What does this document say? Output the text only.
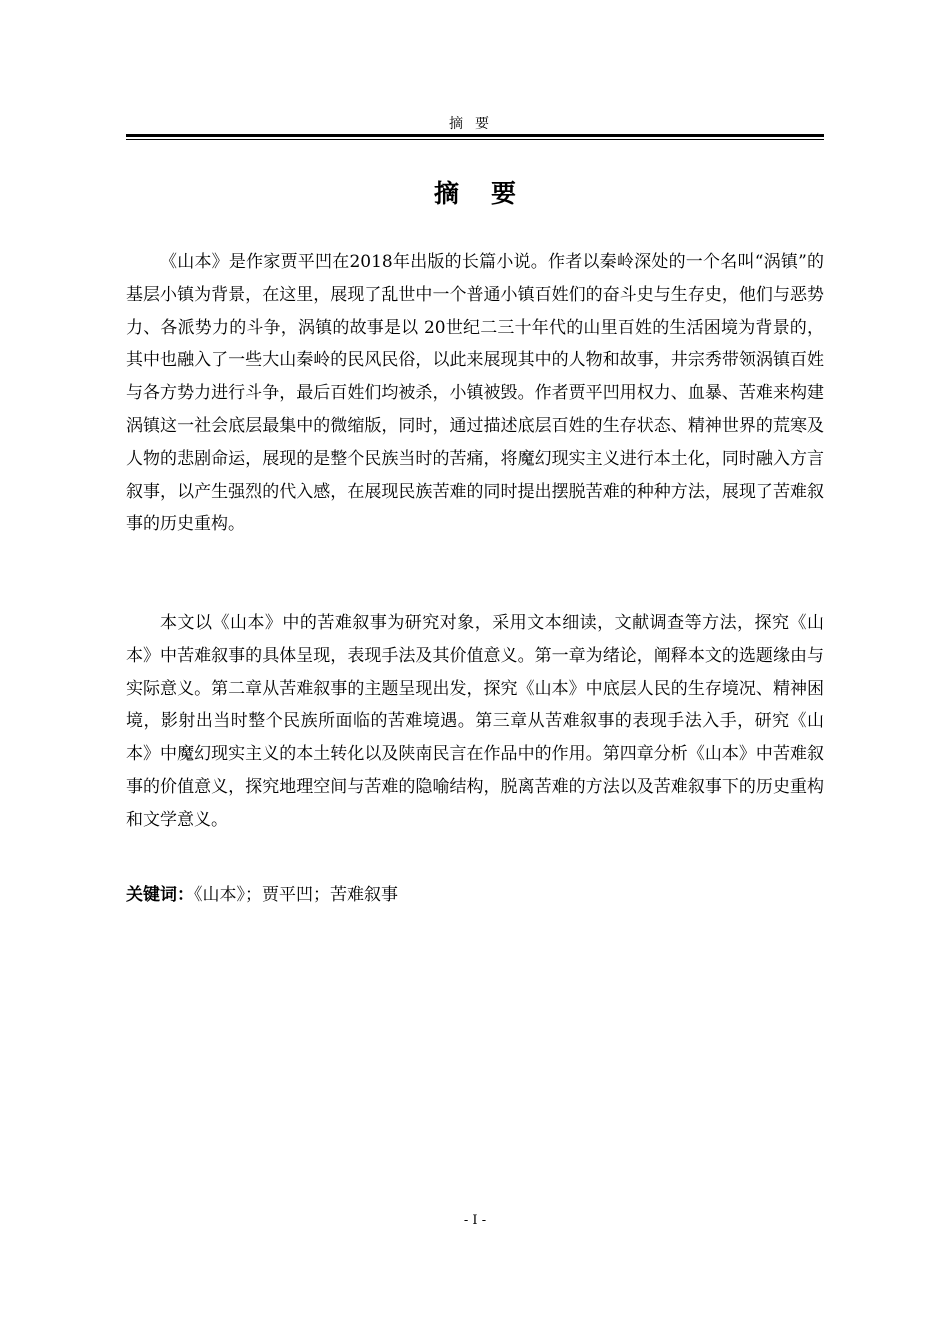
摘要
摘要

《山本》是作家贾平凹在2018年出版的长篇小说。作者以秦岭深处的一个名叫“涡镇”的基层小镇为背景，在这里，展现了乱世中一个普通小镇百姓们的奋斗史与生存史，他们与恶势力、各派势力的斗争，涡镇的故事是以 20世纪二三十年代的山里百姓的生活困境为背景的，其中也融入了一些大山秦岭的民风民俗，以此来展现其中的人物和故事，井宗秀带领涡镇百姓与各方势力进行斗争，最后百姓们均被杀，小镇被毁。作者贾平凹用权力、血暴、苦难来构建涡镇这一社会底层最集中的微缩版，同时，通过描述底层百姓的生存状态、精神世界的荒寒及人物的悲剧命运，展现的是整个民族当时的苦痛，将魔幻现实主义进行本土化，同时融入方言叙事，以产生强烈的代入感，在展现民族苦难的同时提出摆脱苦难的种种方法，展现了苦难叙事的历史重构。

本文以《山本》中的苦难叙事为研究对象，采用文本细读，文献调查等方法，探究《山本》中苦难叙事的具体呈现，表现手法及其价值意义。第一章为绪论，阐释本文的选题缘由与实际意义。第二章从苦难叙事的主题呈现出发，探究《山本》中底层人民的生存境况、精神困境，影射出当时整个民族所面临的苦难境遇。第三章从苦难叙事的表现手法入手，研究《山本》中魔幻现实主义的本土转化以及陕南民言在作品中的作用。第四章分析《山本》中苦难叙事的价值意义，探究地理空间与苦难的隐喻结构，脱离苦难的方法以及苦难叙事下的历史重构和文学意义。

关键词：《山本》；贾平凹；苦难叙事
- I -
